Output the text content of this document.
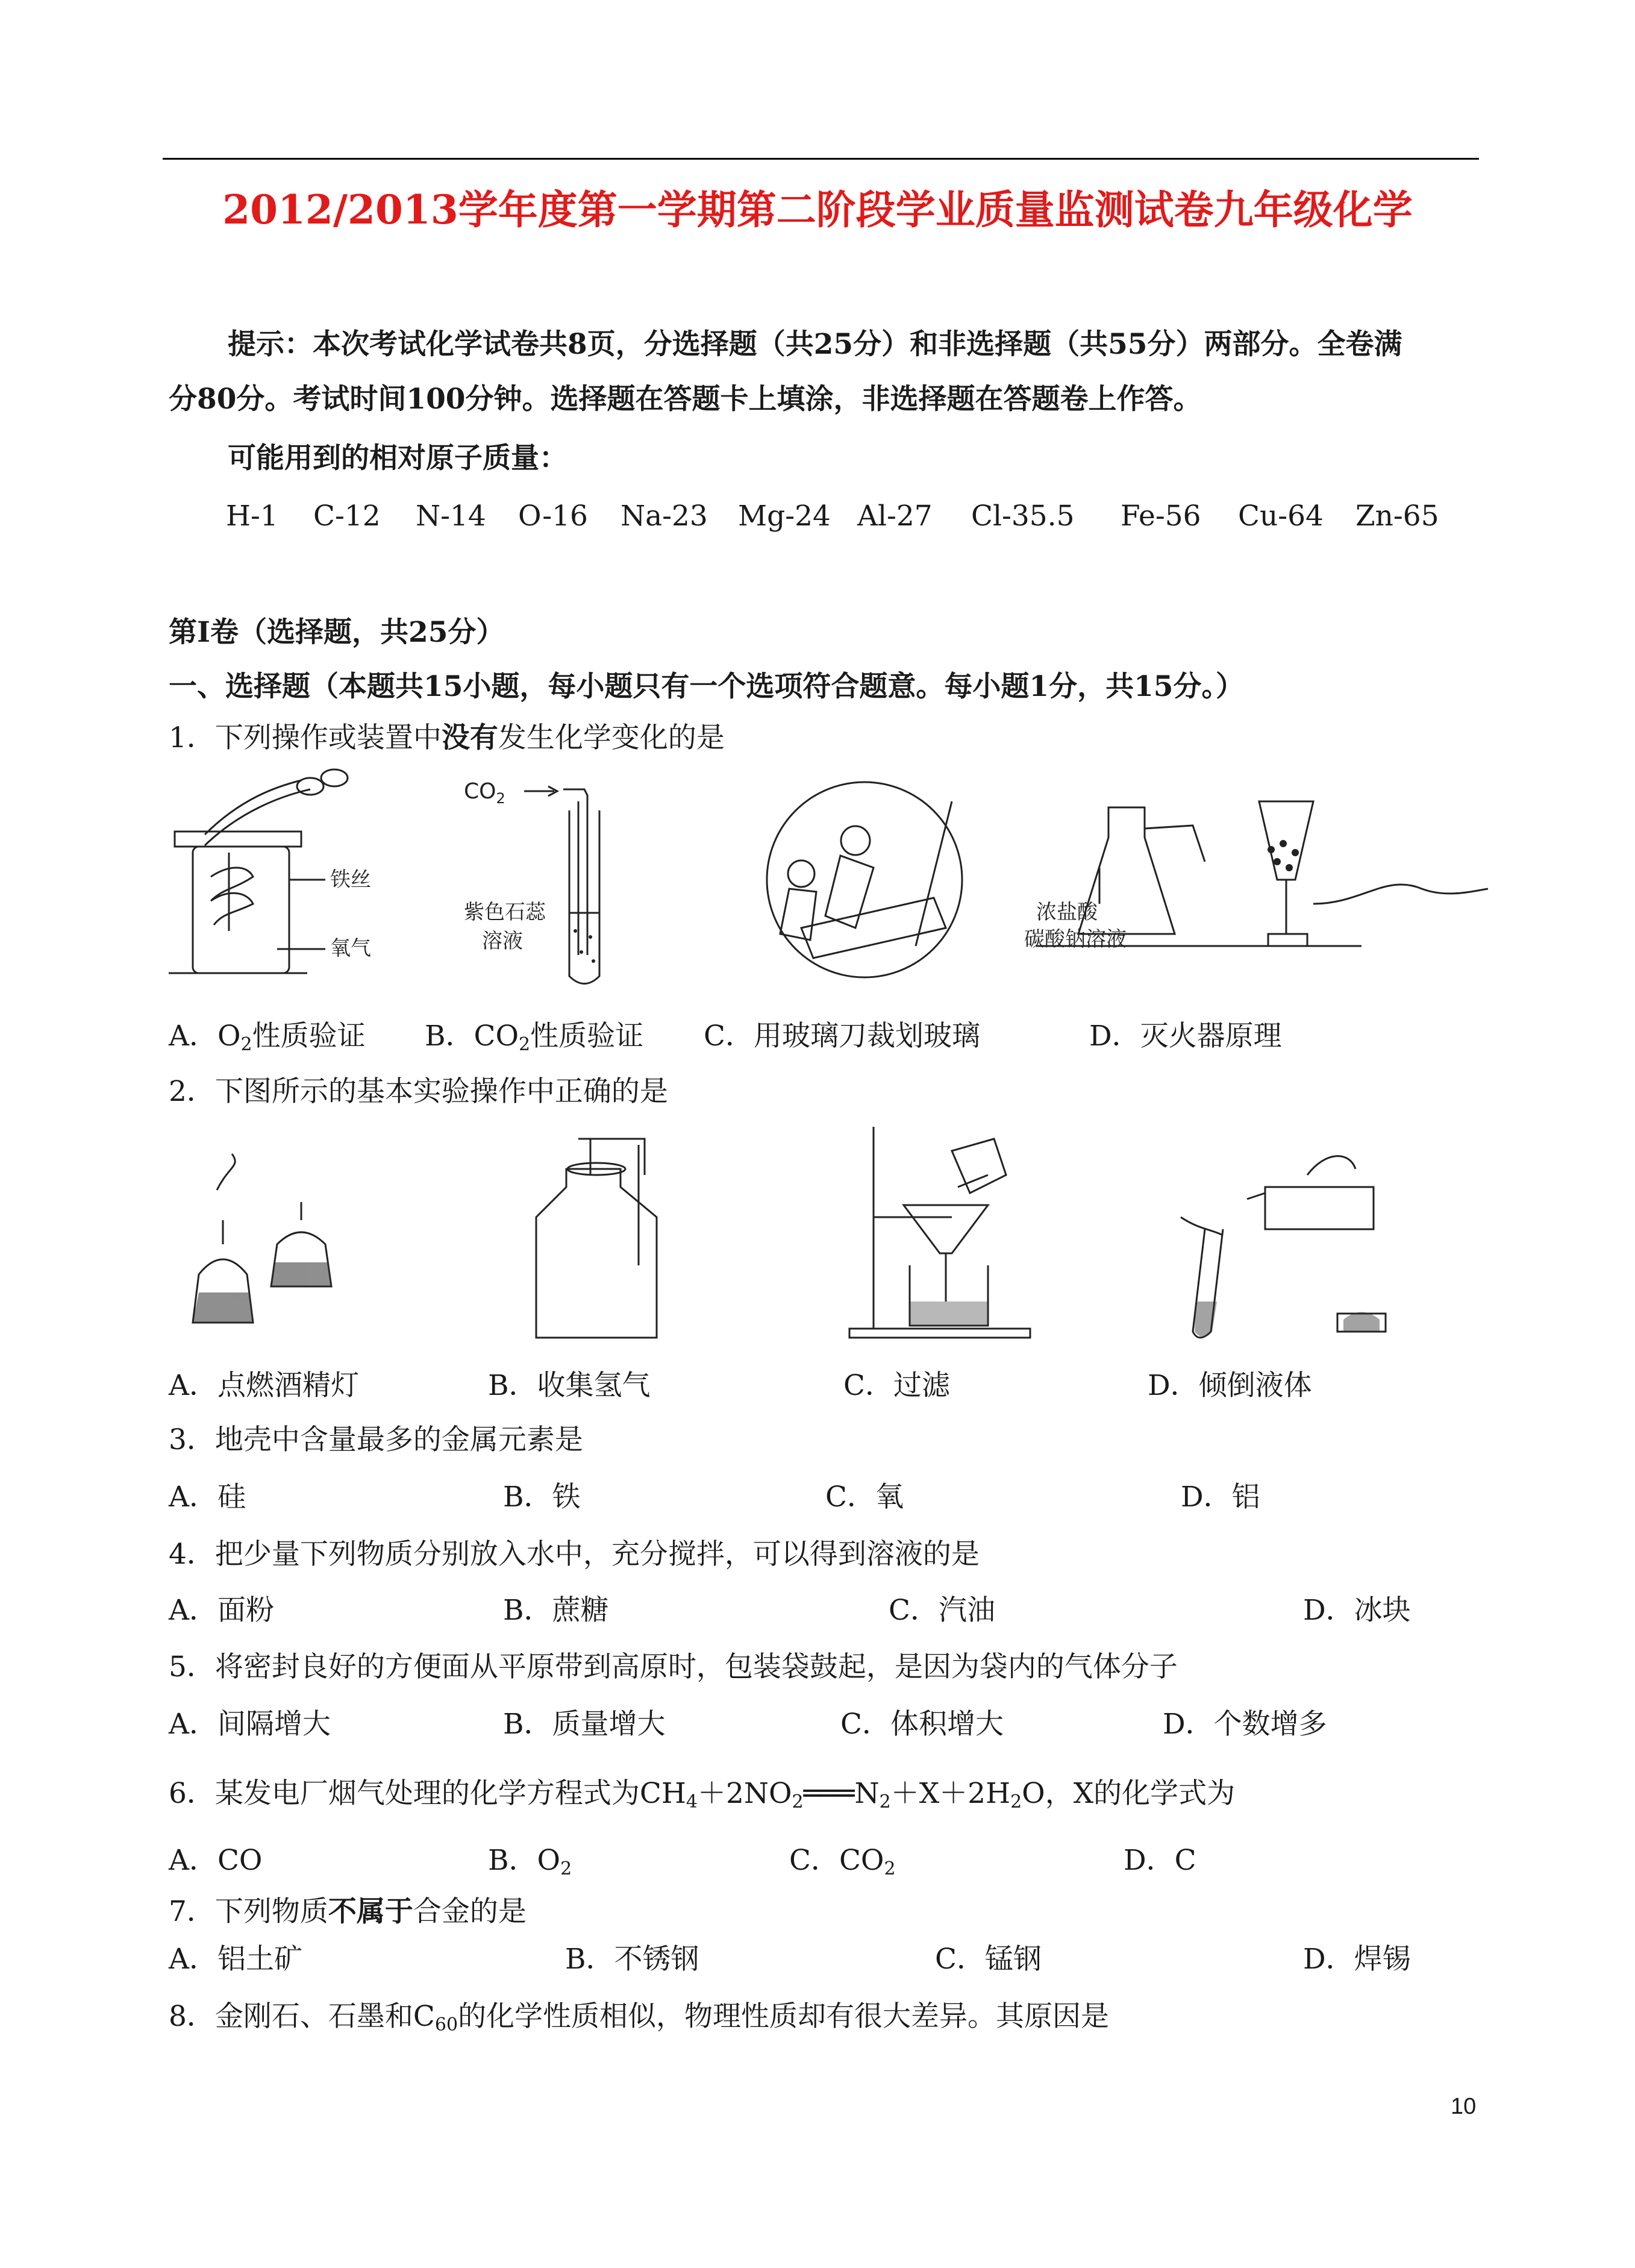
2012/2013学年度第一学期第二阶段学业质量监测试卷九年级化学
提示：本次考试化学试卷共8页，分选择题（共25分）和非选择题（共55分）两部分。全卷满
分80分。考试时间100分钟。选择题在答题卡上填涂，非选择题在答题卷上作答。
可能用到的相对原子质量：
H-1 C-12 N-14 O-16 Na-23 Mg-24 Al-27 Cl-35.5 Fe-56 Cu-64 Zn-65
第Ⅰ卷（选择题，共25分）
一、选择题（本题共15小题，每小题只有一个选项符合题意。每小题1分，共15分。）
1．下列操作或装置中没有发生化学变化的是
铁丝
氧气
$CO_2$
紫色石蕊
溶液
浓盐酸
碳酸钠溶液
A．$O_2$性质验证 B．$CO_2$性质验证 C．用玻璃刀裁划玻璃	D．灭火器原理
2．下图所示的基本实验操作中正确的是
A．点燃酒精灯	B．收集氢气	C．过滤	D．倾倒液体
3．地壳中含量最多的金属元素是
A．硅	B．铁	C．氧	D．铝
4．把少量下列物质分别放入水中，充分搅拌，可以得到溶液的是
A．面粉	B．蔗糖	C．汽油	D．冰块
5．将密封良好的方便面从平原带到高原时，包装袋鼓起，是因为袋内的气体分子
A．间隔增大	B．质量增大	C．体积增大	D．个数增多
6．某发电厂烟气处理的化学方程式为$CH_4+2NO_2═══N_2+X+2H_2O$，X的化学式为
A．CO	B．$O_2$	C．$CO_2$	D．C
7．下列物质不属于合金的是
A．铝土矿	B．不锈钢	C．锰钢	D．焊锡
8．金刚石、石墨和$C_{60}$的化学性质相似，物理性质却有很大差异。其原因是
10
